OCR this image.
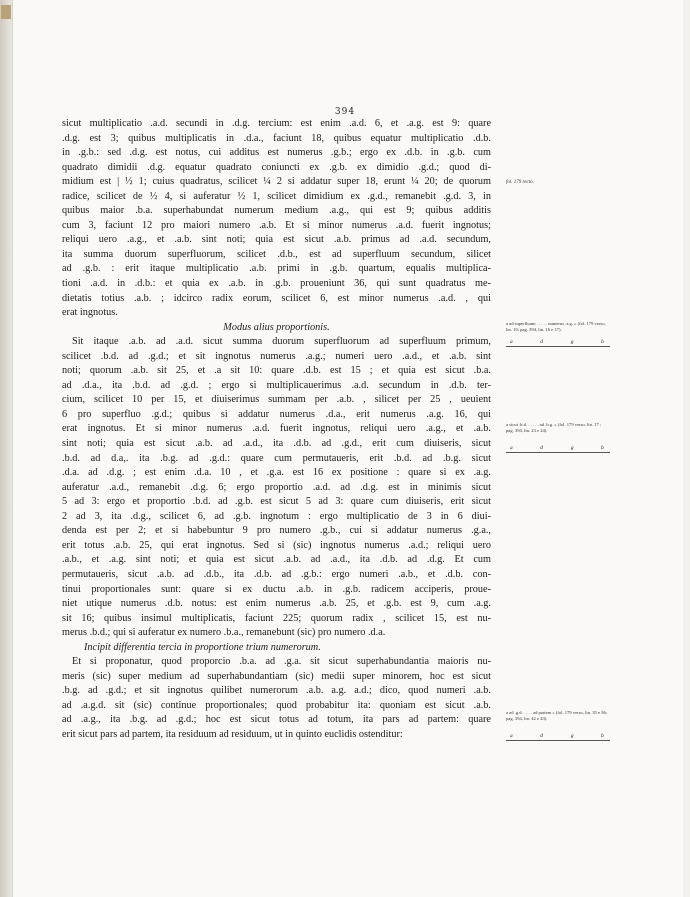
394
sicut multiplicatio .a.d. secundi in .d.g. tercium: est enim .a.d. 6, et .a.g. est 9: quare
.d.g. est 3; quibus multiplicatis in .d.a., faciunt 18, quibus equatur multiplicatio .d.b.
in .g.b.: sed .d.g. est notus, cui additus est numerus .g.b.; ergo ex .d.b. in .g.b. cum
quadrato dimidii .d.g. equatur quadrato coniuncti ex .g.b. ex dimidio .g.d.; quod di-
midium est | ½ 1; cuius quadratus, scilicet ¼ 2 si addatur super 18, erunt ¼ 20; de quorum
radice, scilicet de ½ 4, si auferatur ½ 1, scilicet dimidium ex .g.d., remanebit .g.d. 3, in
quibus maior .b.a. superhabundat numerum medium .a.g., qui est 9; quibus additis
cum 3, faciunt 12 pro maiori numero .a.b. Et si minor numerus .a.d. fuerit ingnotus;
reliqui uero .a.g., et .a.b. sint noti; quia est sicut .a.b. primus ad .a.d. secundum,
ita summa duorum superfluorum, scilicet .d.b., est ad superfluum secundum, silicet
ad .g.b. : erit itaque multiplicatio .a.b. primi in .g.b. quartum, equalis multiplica-
tioni .a.d. in .d.b.: et quia ex .a.b. in .g.b. proueniunt 36, qui sunt quadratus me-
dietatis totius .a.b. ; idcirco radix eorum, scilicet 6, est minor numerus .a.d. , qui
erat ingnotus.
Modus alius proportionis.
Sit itaque .a.b. ad .a.d. sicut summa duorum superfluorum ad superfluum primum,
scilicet .b.d. ad .g.d.; et sit ingnotus numerus .a.g.; numeri uero .a.d., et .a.b. sint
noti; quorum .a.b. sit 25, et .a sit 10: quare .d.b. est 15 ; et quia est sicut .b.a.
ad .d.a., ita .b.d. ad .g.d. ; ergo si multiplicauerimus .a.d. secundum in .d.b. ter-
cium, scilicet 10 per 15, et diuiserimus summam per .a.b. , silicet per 25 , ueuient
6 pro superfluo .g.d.; quibus si addatur numerus .d.a., erit numerus .a.g. 16, qui
erat ingnotus. Et si minor numerus .a.d. fuerit ingnotus, reliqui uero .a.g., et .a.b.
sint noti; quia est sicut .a.b. ad .a.d., ita .d.b. ad .g.d., erit cum diuiseris, sicut
.b.d. ad d.a,. ita .b.g. ad .g.d.: quare cum permutaueris, erit .b.d. ad .b.g. sicut
.d.a. ad .d.g. ; est enim .d.a. 10 , et .g.a. est 16 ex positione : quare si ex .a.g.
auferatur .a.d., remanebit .d.g. 6; ergo proportio .a.d. ad .d.g. est in minimis sicut
5 ad 3: ergo et proportio .b.d. ad .g.b. est sicut 5 ad 3: quare cum diuiseris, erit sicut
2 ad 3, ita .d.g., scilicet 6, ad .g.b. ingnotum : ergo multiplicatio de 3 in 6 diui-
denda est per 2; et si habebuntur 9 pro numero .g.b., cui si addatur numerus .g.a.,
erit totus .a.b. 25, qui erat ingnotus. Sed si (sic) ingnotus numerus .a.d.; reliqui uero
.a.b., et .a.g. sint noti; et quia est sicut .a.b. ad .a.d., ita .d.b. ad .d.g. Et cum
permutaueris, sicut .a.b. ad .d.b., ita .d.b. ad .g.b.: ergo numeri .a.b., et .d.b. con-
tinui proportionales sunt: quare si ex ductu .a.b. in .g.b. radicem acciperis, proue-
niet utique numerus .d.b. notus: est enim numerus .a.b. 25, et .g.b. est 9, cum .a.g.
sit 16; quibus insimul multiplicatis, faciunt 225; quorum radix , scilicet 15, est nu-
merus .b.d.; qui si auferatur ex numero .b.a., remanebunt (sic) pro numero .d.a.
Incipit differentia tercia in proportione trium numerorum.
Et si proponatur, quod proporcio .b.a. ad .g.a. sit sicut superhabundantia maioris nu-
meris (sic) super medium ad superhabundantiam (sic) medii super minorem, hoc est sicut
.b.g. ad .g.d.; et sit ingnotus quilibet numerorum .a.b. a.g. a.d.; dico, quod numeri .a.b.
ad .a.g.d. sit (sic) continue proportionales; quod probabitur ita: quoniam est sicut .a.b.
ad .a.g., ita .b.g. ad .g.d.; hoc est sicut totus ad totum, ita pars ad partem: quare
erit sicut pars ad partem, ita residuum ad residuum, ut in quinto euclidis ostenditur:
fol. 179 recto.
a ad superfluum . . . . . numerus .a.g. » (fol. 179 verso, lin. 10; pag. 394, lin. 16 e 17).
a	d	g	b
a sicut .b.d. . . . . . ad .b.g. » (fol. 179 verso, lin. 17 ; pag. 394, lin. 23 e 24).
a	d	g	b
a ad .g.d. . . . . ad partem » (fol. 179 verso, lin. 35 e 36; pag. 394, lin. 42 e 43).
a	d	g	b
